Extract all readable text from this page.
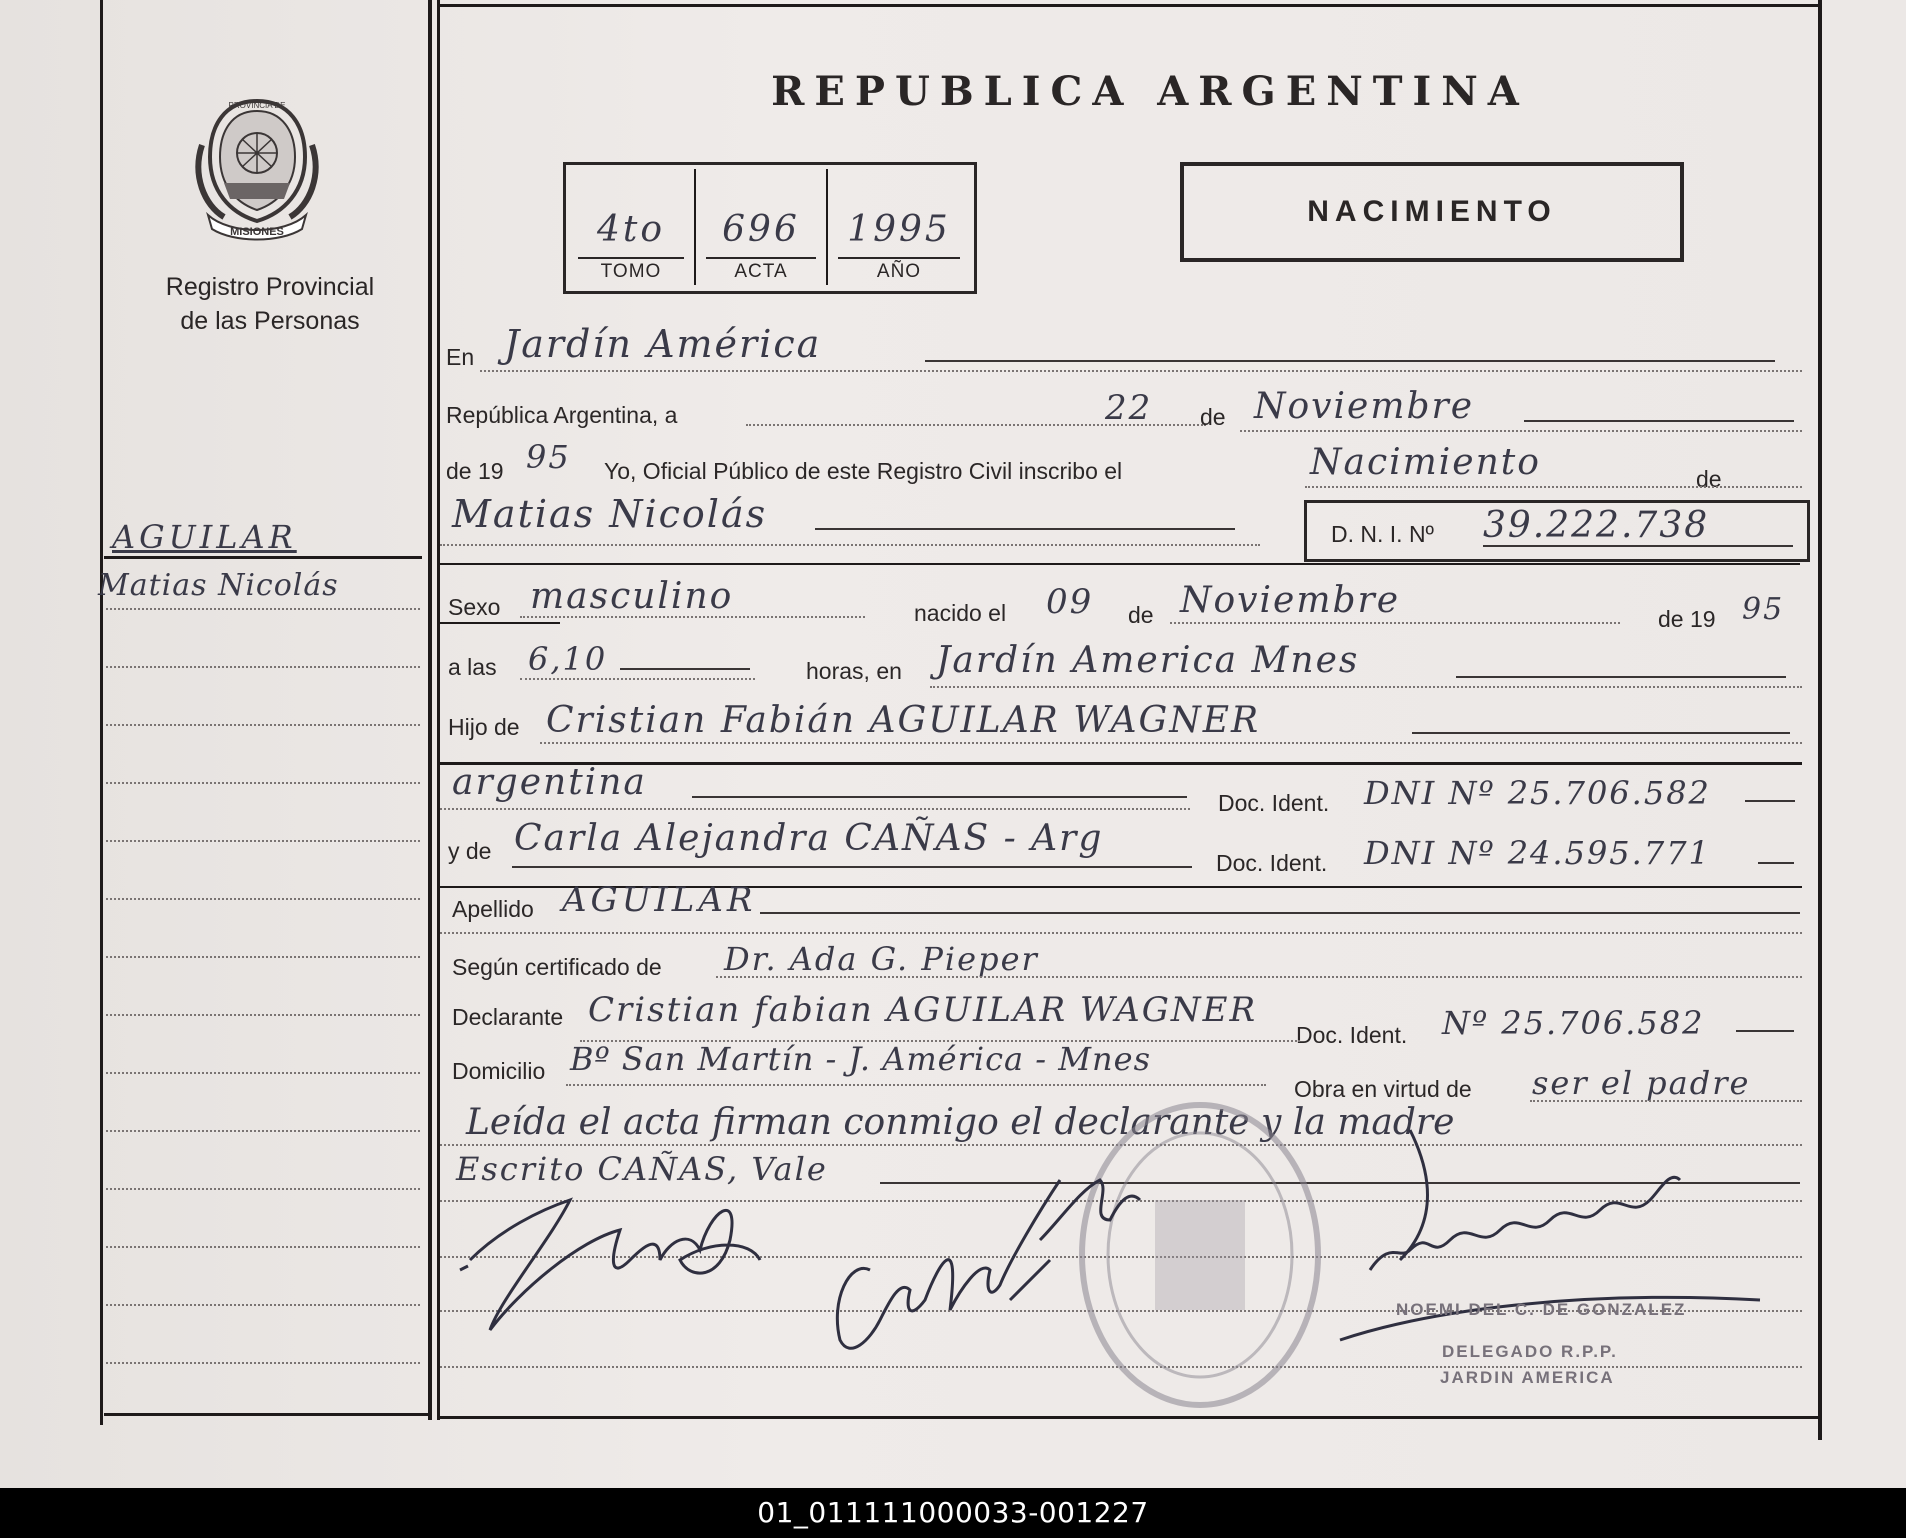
REPUBLICA ARGENTINA
PROVINCIA DE
MISIONES
Registro Provincial
de las Personas
AGUILAR
Matias Nicolás
4to
TOMO
696
ACTA
1995
AÑO
NACIMIENTO
En Jardín América
República Argentina, a	22 de Noviembre
de 19 95 Yo, Oficial Público de este Registro Civil inscribo el	Nacimiento	de
Matias Nicolás	D. N. I. Nº 39.222.738
Sexo masculino	nacido el 09 de Noviembre	de 19 95
a las 6,10	horas, en Jardín America Mnes
Hijo de Cristian Fabián AGUILAR WAGNER
argentina	Doc. Ident. DNI Nº 25.706.582
y de Carla Alejandra CAÑAS - Arg
Doc. Ident. DNI Nº 24.595.771
Apellido AGUILAR
Según certificado de Dr. Ada G. Pieper
Declarante Cristian fabian AGUILAR WAGNER
Doc. Ident. Nº 25.706.582
Domicilio Bº San Martín - J. América - Mnes
Obra en virtud de ser el padre
Leída el acta firman conmigo el declarante y la madre
Escrito CAÑAS, Vale
NOEMI DEL C. DE GONZALEZ
DELEGADO R.P.P.
JARDIN AMERICA
01_011111000033-001227
